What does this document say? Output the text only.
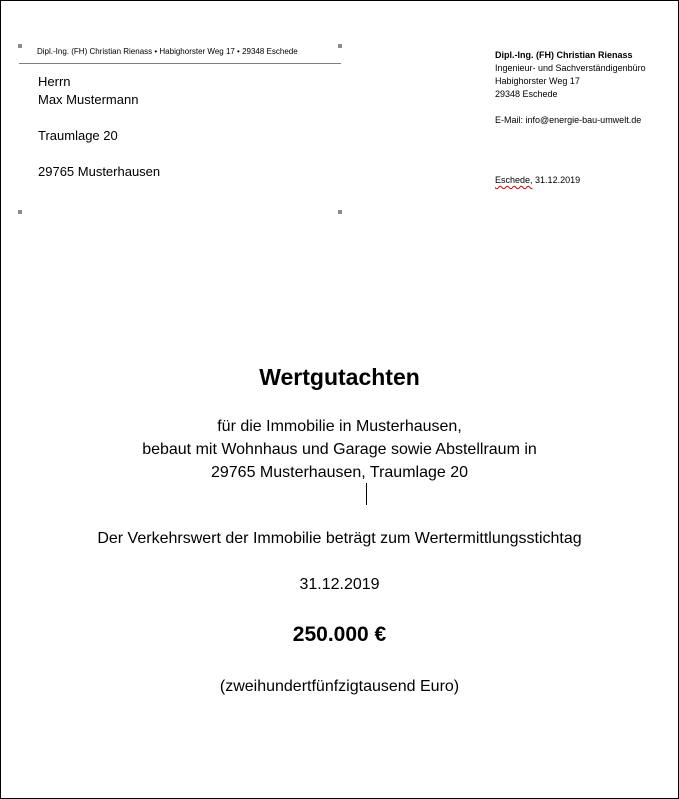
Dipl.-Ing. (FH) Christian Rienass • Habighorster Weg 17 • 29348 Eschede
Herrn
Max Mustermann
Traumlage 20
29765 Musterhausen
Dipl.-Ing. (FH) Christian Rienass
Ingenieur- und Sachverständigenbüro
Habighorster Weg 17
29348 Eschede
E-Mail: info@energie-bau-umwelt.de
Eschede, 31.12.2019
Wertgutachten
für die Immobilie in Musterhausen,
bebaut mit Wohnhaus und Garage sowie Abstellraum in
29765 Musterhausen, Traumlage 20
Der Verkehrswert der Immobilie beträgt zum Wertermittlungsstichtag
31.12.2019
250.000 €
(zweihundertfünfzigtausend Euro)
